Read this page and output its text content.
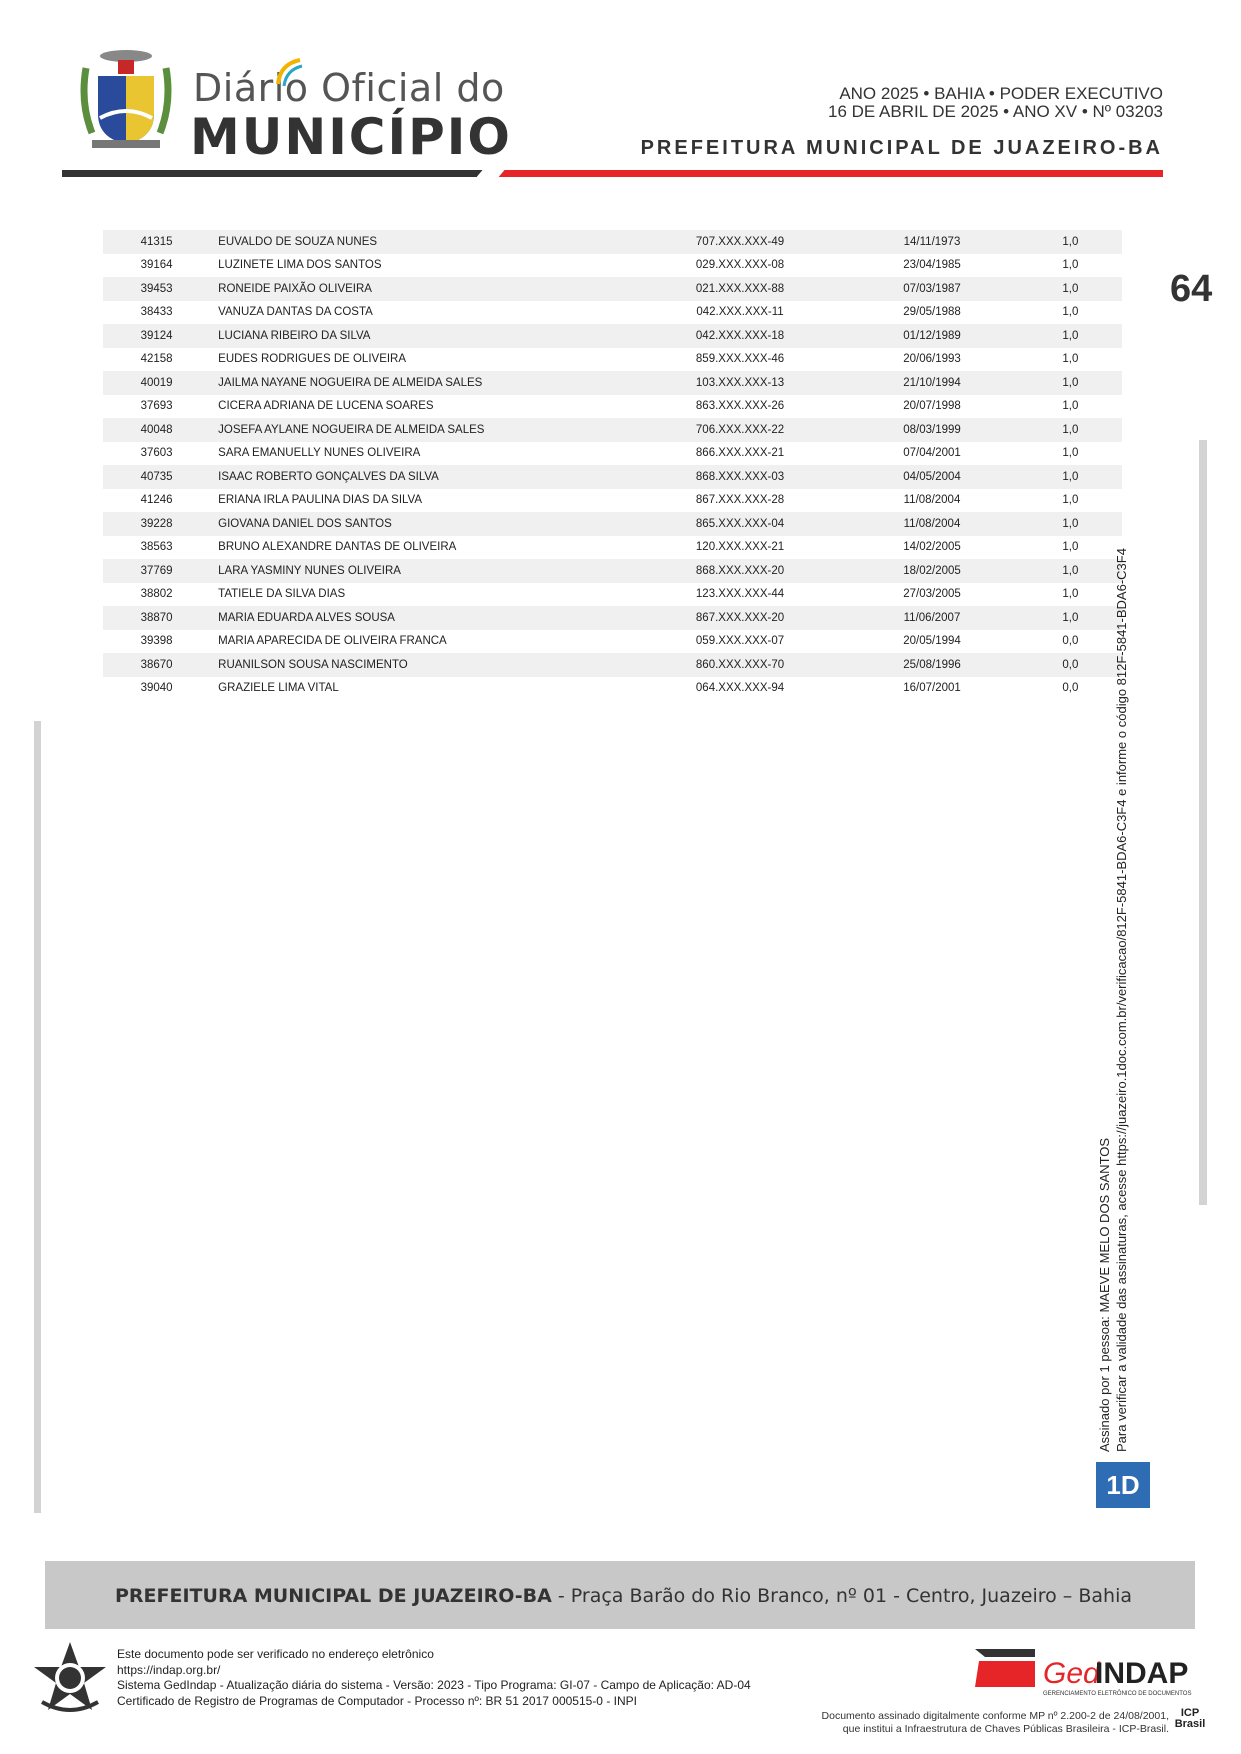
Diário Oficial do
MUNICÍPIO
ANO 2025 • BAHIA • PODER EXECUTIVO
16 DE ABRIL DE 2025 • ANO XV • Nº 03203
PREFEITURA MUNICIPAL DE JUAZEIRO-BA
64
41315	EUVALDO DE SOUZA NUNES	707.XXX.XXX-49	14/11/1973	1,0
39164	LUZINETE LIMA DOS SANTOS	029.XXX.XXX-08	23/04/1985	1,0
39453	RONEIDE PAIXÃO OLIVEIRA	021.XXX.XXX-88	07/03/1987	1,0
38433	VANUZA DANTAS DA COSTA	042.XXX.XXX-11	29/05/1988	1,0
39124	LUCIANA RIBEIRO DA SILVA	042.XXX.XXX-18	01/12/1989	1,0
42158	EUDES RODRIGUES DE OLIVEIRA	859.XXX.XXX-46	20/06/1993	1,0
40019	JAILMA NAYANE NOGUEIRA DE ALMEIDA SALES	103.XXX.XXX-13	21/10/1994	1,0
37693	CICERA ADRIANA DE LUCENA SOARES	863.XXX.XXX-26	20/07/1998	1,0
40048	JOSEFA AYLANE NOGUEIRA DE ALMEIDA SALES	706.XXX.XXX-22	08/03/1999	1,0
37603	SARA EMANUELLY NUNES OLIVEIRA	866.XXX.XXX-21	07/04/2001	1,0
40735	ISAAC ROBERTO GONÇALVES DA SILVA	868.XXX.XXX-03	04/05/2004	1,0
41246	ERIANA IRLA PAULINA DIAS DA SILVA	867.XXX.XXX-28	11/08/2004	1,0
39228	GIOVANA DANIEL DOS SANTOS	865.XXX.XXX-04	11/08/2004	1,0
38563	BRUNO ALEXANDRE DANTAS DE OLIVEIRA	120.XXX.XXX-21	14/02/2005	1,0
37769	LARA YASMINY NUNES OLIVEIRA	868.XXX.XXX-20	18/02/2005	1,0
38802	TATIELE DA SILVA DIAS	123.XXX.XXX-44	27/03/2005	1,0
38870	MARIA EDUARDA ALVES SOUSA	867.XXX.XXX-20	11/06/2007	1,0
39398	MARIA APARECIDA DE OLIVEIRA FRANCA	059.XXX.XXX-07	20/05/1994	0,0
38670	RUANILSON SOUSA NASCIMENTO	860.XXX.XXX-70	25/08/1996	0,0
39040	GRAZIELE LIMA VITAL	064.XXX.XXX-94	16/07/2001	0,0
Assinado por 1 pessoa: MAEVE MELO DOS SANTOS Para verificar a validade das assinaturas, acesse https://juazeiro.1doc.com.br/verificacao/812F-5841-BDA6-C3F4 e informe o código 812F-5841-BDA6-C3F4
1D
PREFEITURA MUNICIPAL DE JUAZEIRO-BA - Praça Barão do Rio Branco, nº 01 - Centro, Juazeiro – Bahia
Este documento pode ser verificado no endereço eletrônico
https://indap.org.br/
Sistema GedIndap - Atualização diária do sistema - Versão: 2023 - Tipo Programa: GI-07 - Campo de Aplicação: AD-04
Certificado de Registro de Programas de Computador - Processo nº: BR 51 2017 000515-0 - INPI
Ged
INDAP
GERENCIAMENTO ELETRÔNICO DE DOCUMENTOS
Documento assinado digitalmente conforme MP nº 2.200-2 de 24/08/2001,
que institui a Infraestrutura de Chaves Públicas Brasileira - ICP-Brasil.
ICP
Brasil
